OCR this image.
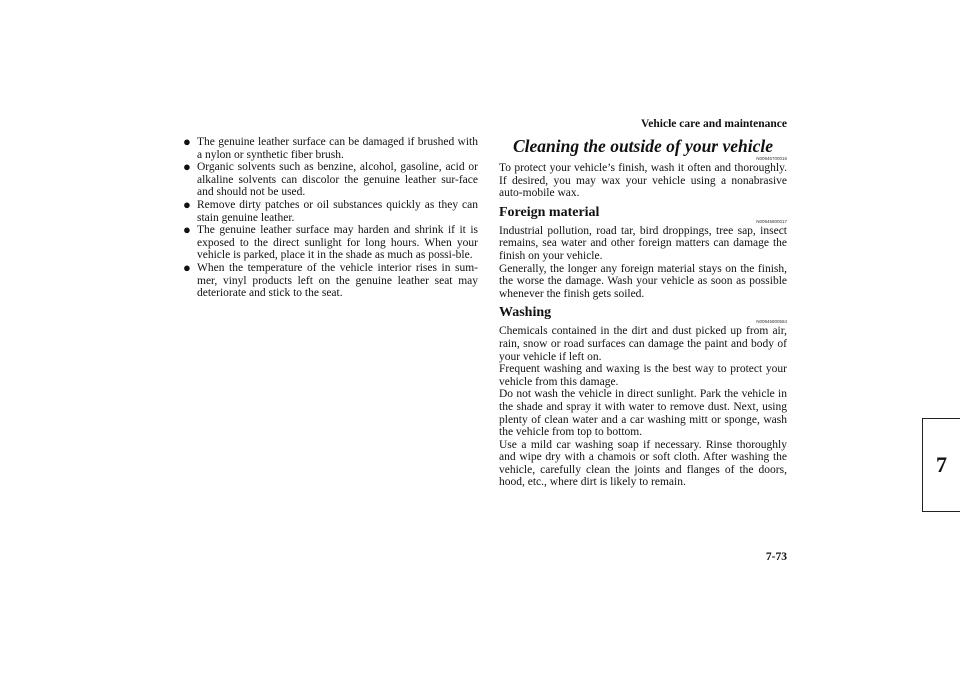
Vehicle care and maintenance
7
7-73
● The genuine leather surface can be damaged if brushed with a nylon or synthetic fiber brush.
● Organic solvents such as benzine, alcohol, gasoline, acid or alkaline solvents can discolor the genuine leather sur-face and should not be used.
● Remove dirty patches or oil substances quickly as they can stain genuine leather.
● The genuine leather surface may harden and shrink if it is exposed to the direct sunlight for long hours. When your vehicle is parked, place it in the shade as much as possi-ble.
● When the temperature of the vehicle interior rises in sum-mer, vinyl products left on the genuine leather seat may deteriorate and stick to the seat.
Cleaning the outside of your vehicle
N00945700016

To protect your vehicle’s finish, wash it often and thoroughly. If desired, you may wax your vehicle using a nonabrasive auto-mobile wax.

Foreign material
N00945800017

Industrial pollution, road tar, bird droppings, tree sap, insect remains, sea water and other foreign matters can damage the finish on your vehicle.

Generally, the longer any foreign material stays on the finish, the worse the damage. Wash your vehicle as soon as possible whenever the finish gets soiled.

Washing
N00945900584

Chemicals contained in the dirt and dust picked up from air, rain, snow or road surfaces can damage the paint and body of your vehicle if left on.

Frequent washing and waxing is the best way to protect your vehicle from this damage.

Do not wash the vehicle in direct sunlight. Park the vehicle in the shade and spray it with water to remove dust. Next, using plenty of clean water and a car washing mitt or sponge, wash the vehicle from top to bottom.

Use a mild car washing soap if necessary. Rinse thoroughly and wipe dry with a chamois or soft cloth. After washing the vehicle, carefully clean the joints and flanges of the doors, hood, etc., where dirt is likely to remain.
